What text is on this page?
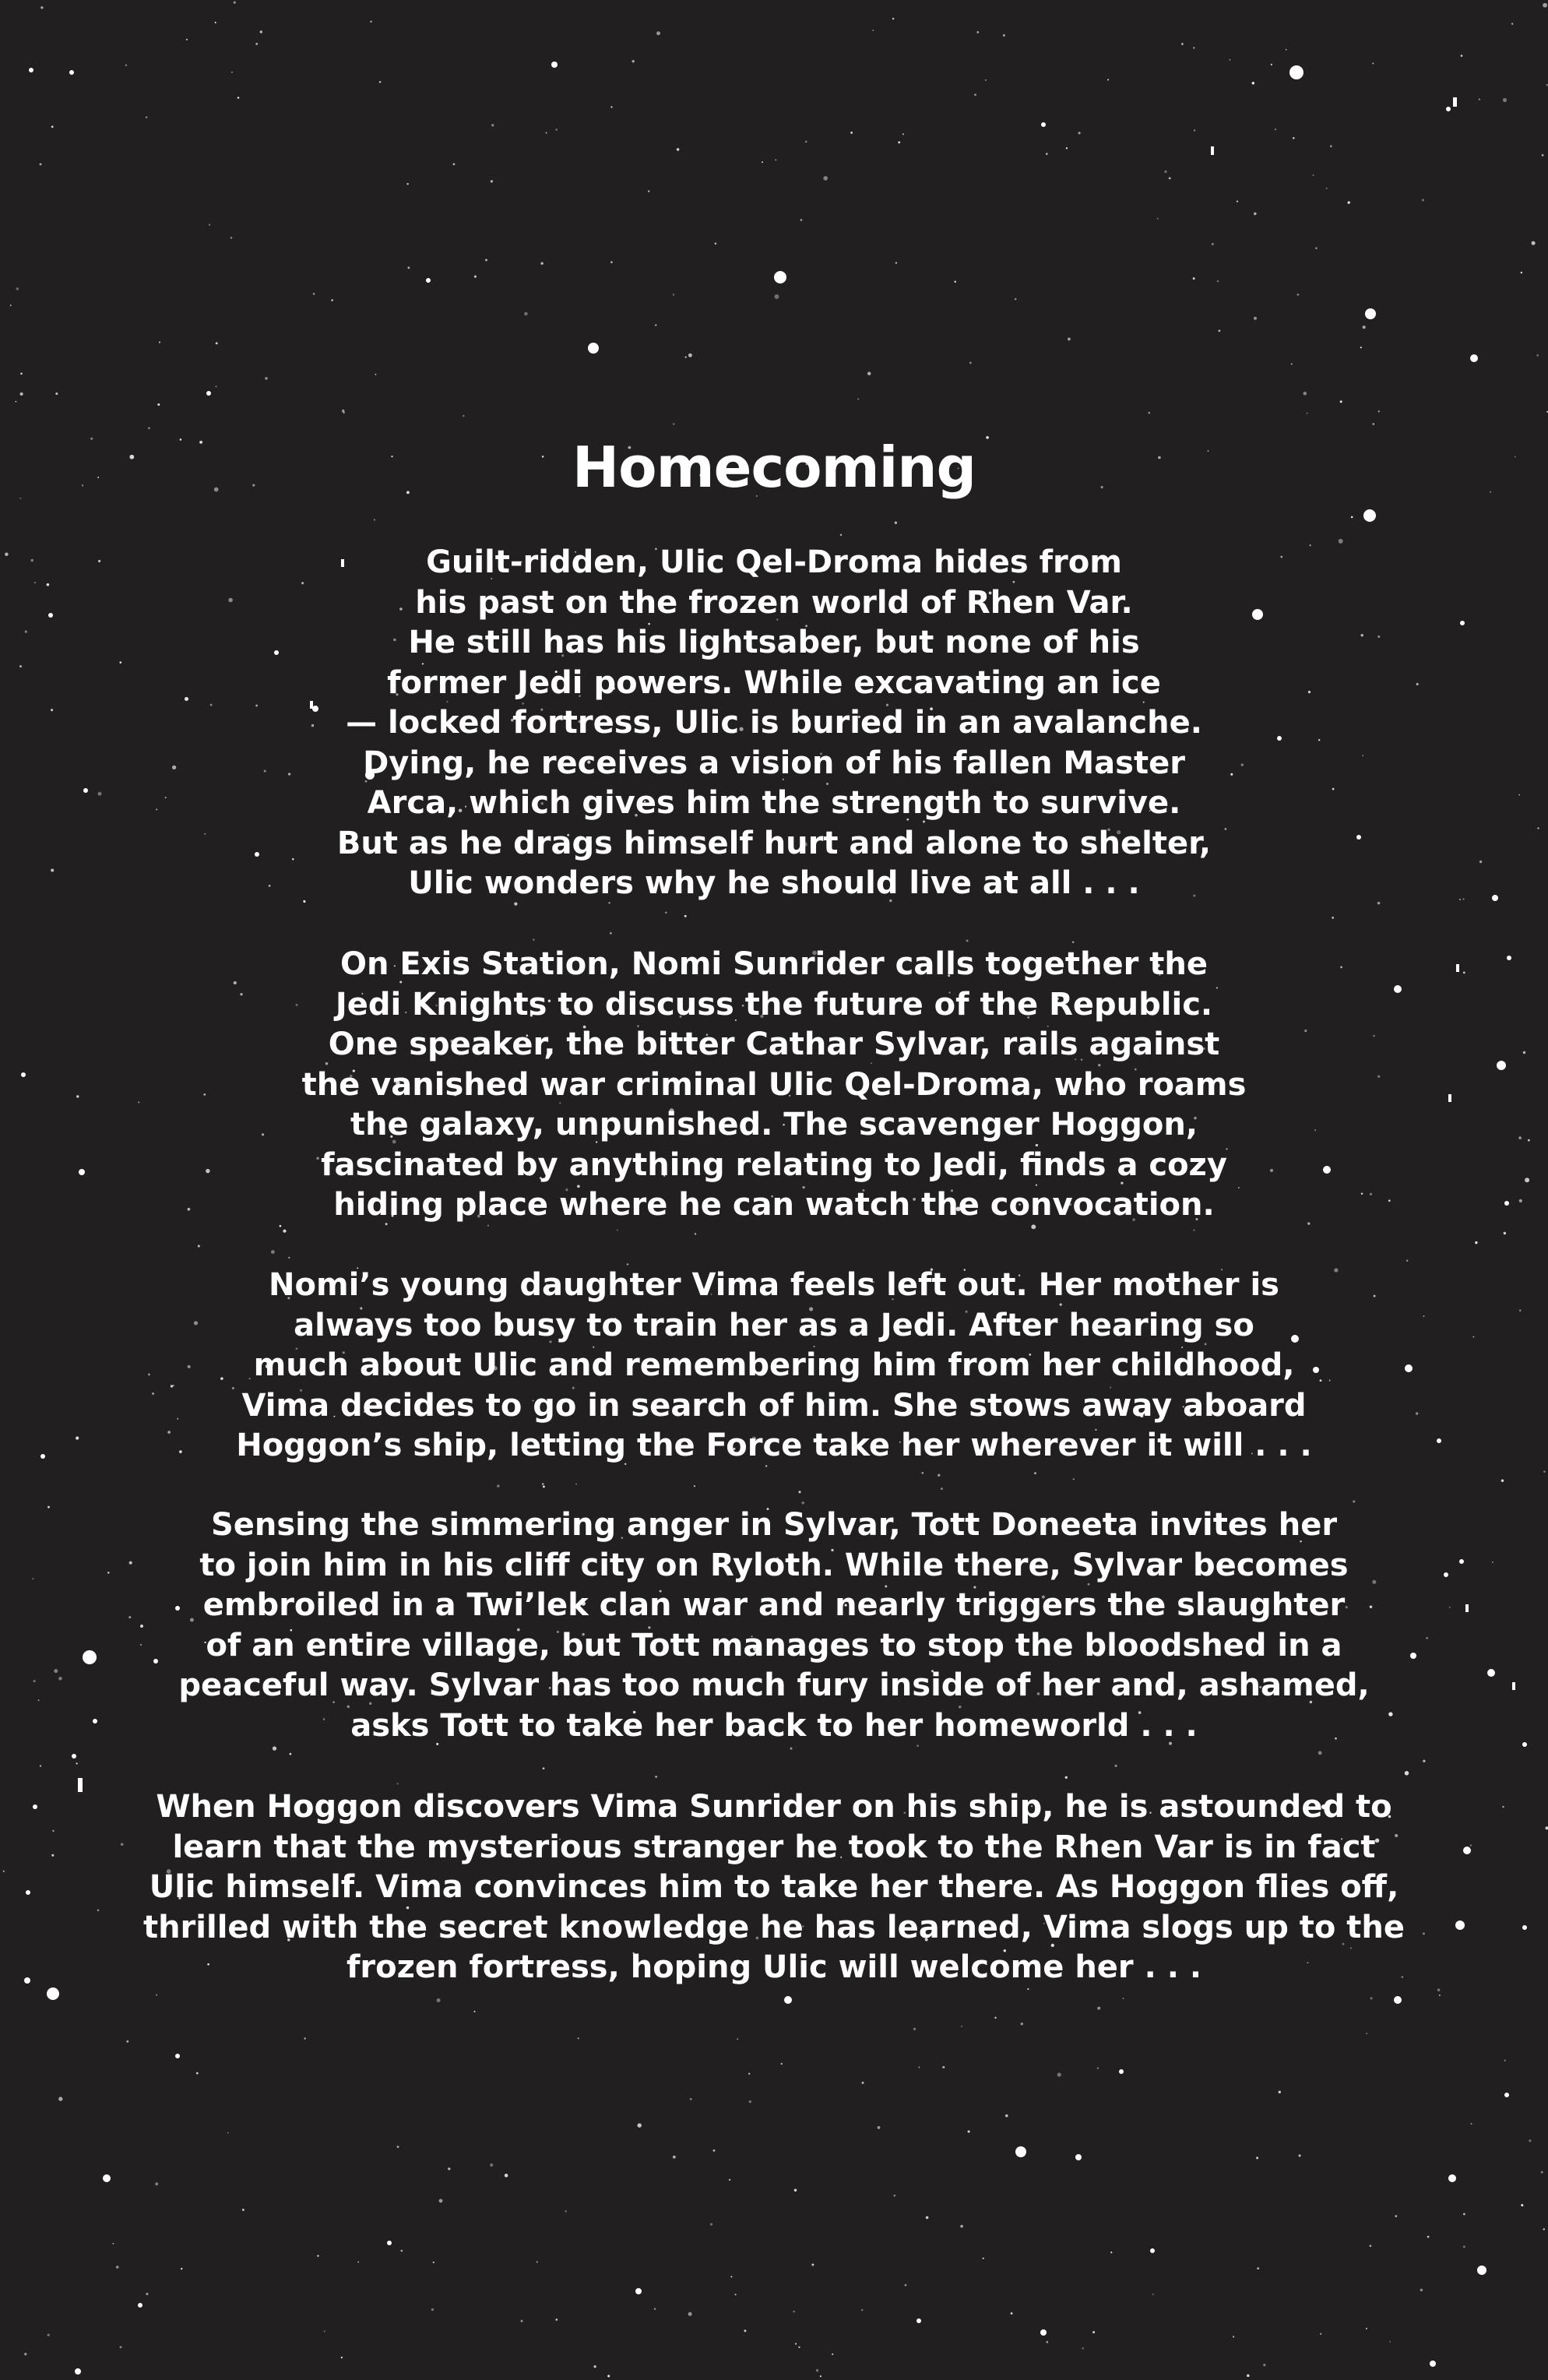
Homecoming

Guilt-ridden, Ulic Qel-Droma hides from
his past on the frozen world of Rhen Var.
He still has his lightsaber, but none of his
former Jedi powers. While excavating an ice
— locked fortress, Ulic is buried in an avalanche.
Dying, he receives a vision of his fallen Master
Arca, which gives him the strength to survive.
But as he drags himself hurt and alone to shelter,
Ulic wonders why he should live at all . . .

On Exis Station, Nomi Sunrider calls together the
Jedi Knights to discuss the future of the Republic.
One speaker, the bitter Cathar Sylvar, rails against
the vanished war criminal Ulic Qel-Droma, who roams
the galaxy, unpunished. The scavenger Hoggon,
fascinated by anything relating to Jedi, finds a cozy
hiding place where he can watch the convocation.

Nomi’s young daughter Vima feels left out. Her mother is
always too busy to train her as a Jedi. After hearing so
much about Ulic and remembering him from her childhood,
Vima decides to go in search of him. She stows away aboard
Hoggon’s ship, letting the Force take her wherever it will . . .

Sensing the simmering anger in Sylvar, Tott Doneeta invites her
to join him in his cliff city on Ryloth. While there, Sylvar becomes
embroiled in a Twi’lek clan war and nearly triggers the slaughter
of an entire village, but Tott manages to stop the bloodshed in a
peaceful way. Sylvar has too much fury inside of her and, ashamed,
asks Tott to take her back to her homeworld . . .

When Hoggon discovers Vima Sunrider on his ship, he is astounded to
learn that the mysterious stranger he took to the Rhen Var is in fact
Ulic himself. Vima convinces him to take her there. As Hoggon flies off,
thrilled with the secret knowledge he has learned, Vima slogs up to the
frozen fortress, hoping Ulic will welcome her . . .
